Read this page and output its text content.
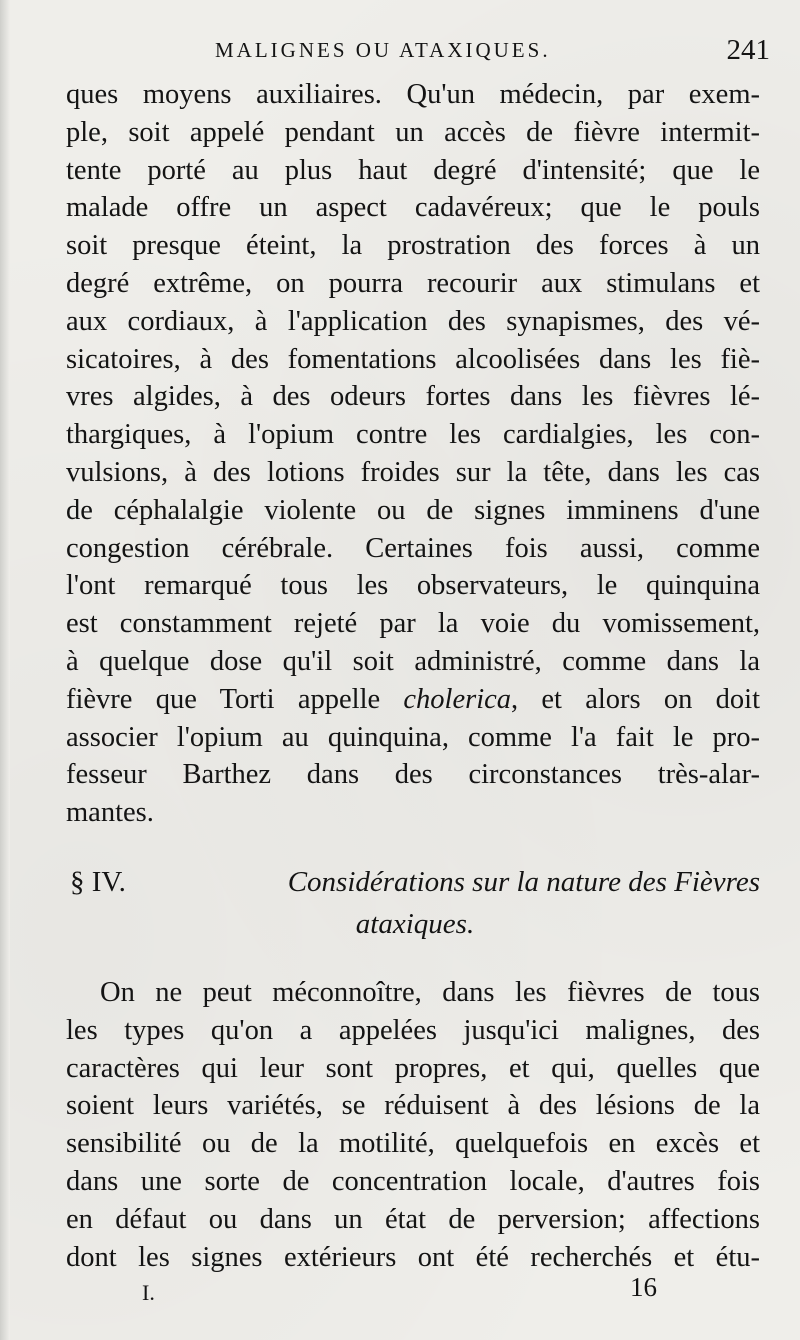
MALIGNES OU ATAXIQUES.	241
ques moyens auxiliaires. Qu'un médecin, par exem-
ple, soit appelé pendant un accès de fièvre intermit-
tente porté au plus haut degré d'intensité; que le
malade offre un aspect cadavéreux; que le pouls
soit presque éteint, la prostration des forces à un
degré extrême, on pourra recourir aux stimulans et
aux cordiaux, à l'application des synapismes, des vé-
sicatoires, à des fomentations alcoolisées dans les fiè-
vres algides, à des odeurs fortes dans les fièvres lé-
thargiques, à l'opium contre les cardialgies, les con-
vulsions, à des lotions froides sur la tête, dans les cas
de céphalalgie violente ou de signes imminens d'une
congestion cérébrale. Certaines fois aussi, comme
l'ont remarqué tous les observateurs, le quinquina
est constamment rejeté par la voie du vomissement,
à quelque dose qu'il soit administré, comme dans la
fièvre que Torti appelle cholerica, et alors on doit
associer l'opium au quinquina, comme l'a fait le pro-
fesseur Barthez dans des circonstances très-alar-
mantes.
§ IV.	Considérations sur la nature des Fièvres
ataxiques.
On ne peut méconnoître, dans les fièvres de tous
les types qu'on a appelées jusqu'ici malignes, des
caractères qui leur sont propres, et qui, quelles que
soient leurs variétés, se réduisent à des lésions de la
sensibilité ou de la motilité, quelquefois en excès et
dans une sorte de concentration locale, d'autres fois
en défaut ou dans un état de perversion; affections
dont les signes extérieurs ont été recherchés et étu-
I.	16
